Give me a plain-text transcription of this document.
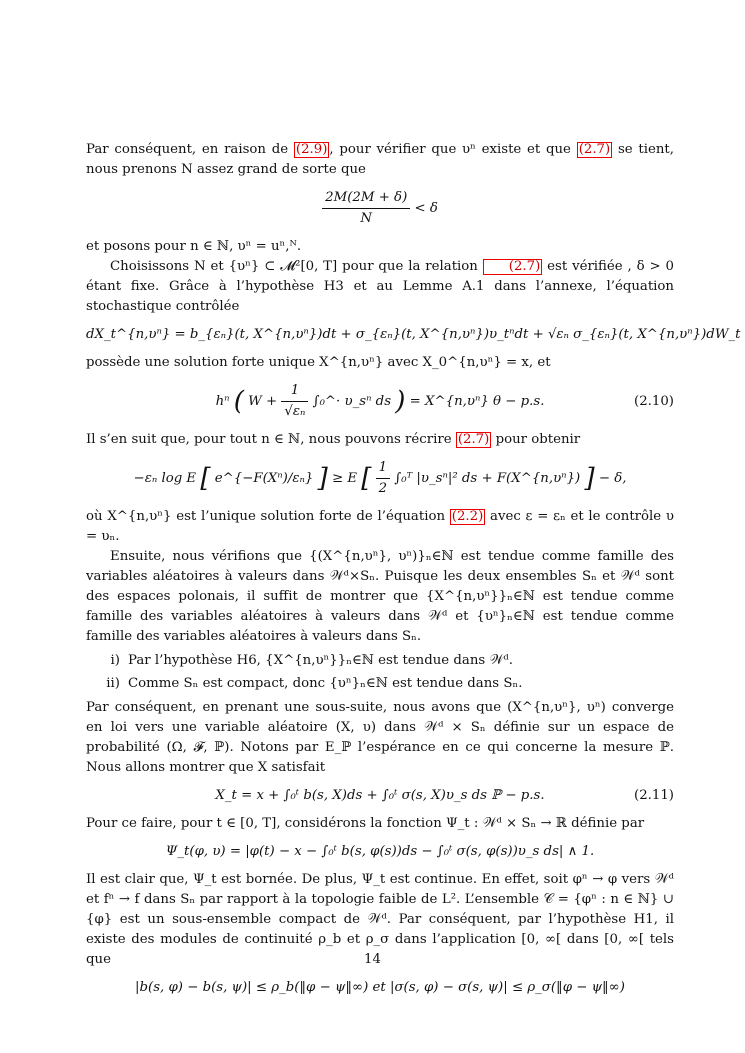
Par conséquent, en raison de (2.9) , pour vérifier que υⁿ existe et que (2.7) se tient, nous prenons N assez grand de sorte que

$\frac{2M(2M + \delta)}{N} < \delta$

et posons pour n ∈ ℕ, υⁿ = uⁿ,ᴺ.

Choisissons N et {υⁿ} ⊂ 𝓜²[0, T] pour que la relation (2.7) est vérifiée , δ > 0 étant fixe. Grâce à l’hypothèse H3 et au Lemme A.1 dans l’annexe, l’équation stochastique contrôlée

dX_t^{n,υⁿ} = b_{εₙ}(t, X^{n,υⁿ})dt + σ_{εₙ}(t, X^{n,υⁿ})υ_tⁿdt + √εₙ σ_{εₙ}(t, X^{n,υⁿ})dW_t

possède une solution forte unique X^{n,υⁿ} avec X_0^{n,υⁿ} = x, et

hⁿ ( $W + \frac{1}{\text{√εₙ}}$ ∫₀^· υ_sⁿ ds ) = X^{n,υⁿ} θ − p.s.	(2.10)

Il s’en suit que, pour tout n ∈ ℕ, nous pouvons récrire (2.7) pour obtenir

−εₙ log E [ e^{−F(Xⁿ)/εₙ} ] ≥ E [ $\frac{1}{2}$ ∫₀ᵀ |υ_sⁿ|² ds + F(X^{n,υⁿ}) ] − δ,

où X^{n,υⁿ} est l’unique solution forte de l’équation (2.2) avec ε = εₙ et le contrôle υ = υₙ.

Ensuite, nous vérifions que {(X^{n,υⁿ}, υⁿ)}ₙ∈ℕ est tendue comme famille des variables aléatoires à valeurs dans 𝒲ᵈ×Sₙ. Puisque les deux ensembles Sₙ et 𝒲ᵈ sont des espaces polonais, il suffit de montrer que {X^{n,υⁿ}}ₙ∈ℕ est tendue comme famille des variables aléatoires à valeurs dans 𝒲ᵈ et {υⁿ}ₙ∈ℕ est tendue comme famille des variables aléatoires à valeurs dans Sₙ.

i) Par l’hypothèse H6, {X^{n,υⁿ}}ₙ∈ℕ est tendue dans 𝒲ᵈ.
ii) Comme Sₙ est compact, donc {υⁿ}ₙ∈ℕ est tendue dans Sₙ.

Par conséquent, en prenant une sous-suite, nous avons que (X^{n,υⁿ}, υⁿ) converge en loi vers une variable aléatoire (X, υ) dans 𝒲ᵈ × Sₙ définie sur un espace de probabilité (Ω, 𝓕, ℙ). Notons par E_ℙ l’espérance en ce qui concerne la mesure ℙ. Nous allons montrer que X satisfait

X_t = x + ∫₀ᵗ b(s, X)ds + ∫₀ᵗ σ(s, X)υ_s ds ℙ − p.s.	(2.11)

Pour ce faire, pour t ∈ [0, T], considérons la fonction Ψ_t : 𝒲ᵈ × Sₙ → ℝ définie par

Ψ_t(φ, υ) = |φ(t) − x − ∫₀ᵗ b(s, φ(s))ds − ∫₀ᵗ σ(s, φ(s))υ_s ds| ∧ 1.

Il est clair que, Ψ_t est bornée. De plus, Ψ_t est continue. En effet, soit φⁿ → φ vers 𝒲ᵈ et fⁿ → f dans Sₙ par rapport à la topologie faible de L². L’ensemble 𝒞 = {φⁿ : n ∈ ℕ} ∪ {φ} est un sous-ensemble compact de 𝒲ᵈ. Par conséquent, par l’hypothèse H1, il existe des modules de continuité ρ_b et ρ_σ dans l’application [0, ∞[ dans [0, ∞[ tels que

|b(s, φ) − b(s, ψ)| ≤ ρ_b(‖φ − ψ‖∞) et |σ(s, φ) − σ(s, ψ)| ≤ ρ_σ(‖φ − ψ‖∞)
14
